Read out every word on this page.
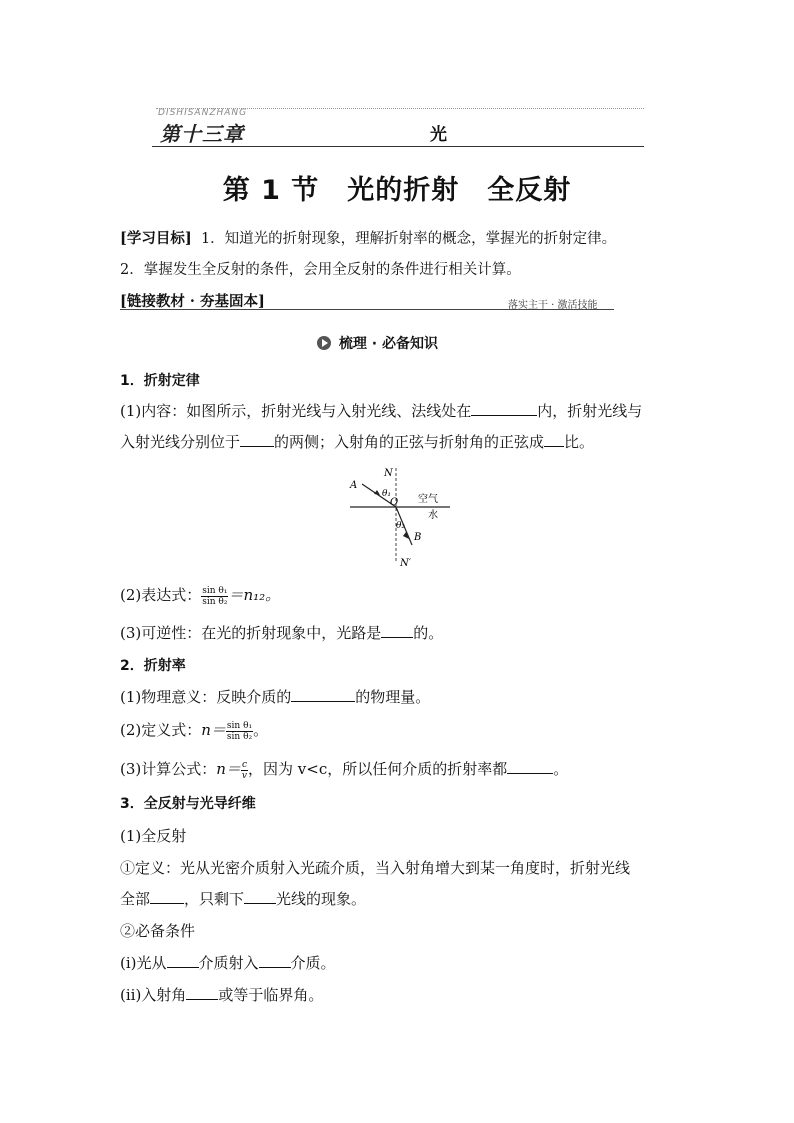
DISHISANZHANG
第十三章	光
第 1 节　光的折射　全反射
[学习目标] 1．知道光的折射现象，理解折射率的概念，掌握光的折射定律。
2．掌握发生全反射的条件，会用全反射的条件进行相关计算。
[链接教材 · 夯基固本]	落实主干 · 激活技能
梳理 · 必备知识
1．折射定律
(1)内容：如图所示，折射光线与入射光线、法线处在	内，折射光线与
入射光线分别位于 的两侧；入射角的正弦与折射角的正弦成 比。
N
N′
A
B
O
θ₁
θ₂
空气
水
(2)表达式： $\frac{\text{sin θ₁}}{\text{sin θ₂}} =n_{12}$。
(3)可逆性：在光的折射现象中，光路是 的。
2．折射率
(1)物理意义：反映介质的	的物理量。
(2)定义式：$n= \frac{\text{sin θ₁}}{\text{sin θ₂}}$ 。
(3)计算公式：$n= \frac{c}{v}$ ，因为 v<c，所以任何介质的折射率都	。
3．全反射与光导纤维
(1)全反射
①定义：光从光密介质射入光疏介质，当入射角增大到某一角度时，折射光线
全部 ，只剩下 光线的现象。
②必备条件
(ⅰ)光从 介质射入 介质。
(ⅱ)入射角 或等于临界角。
